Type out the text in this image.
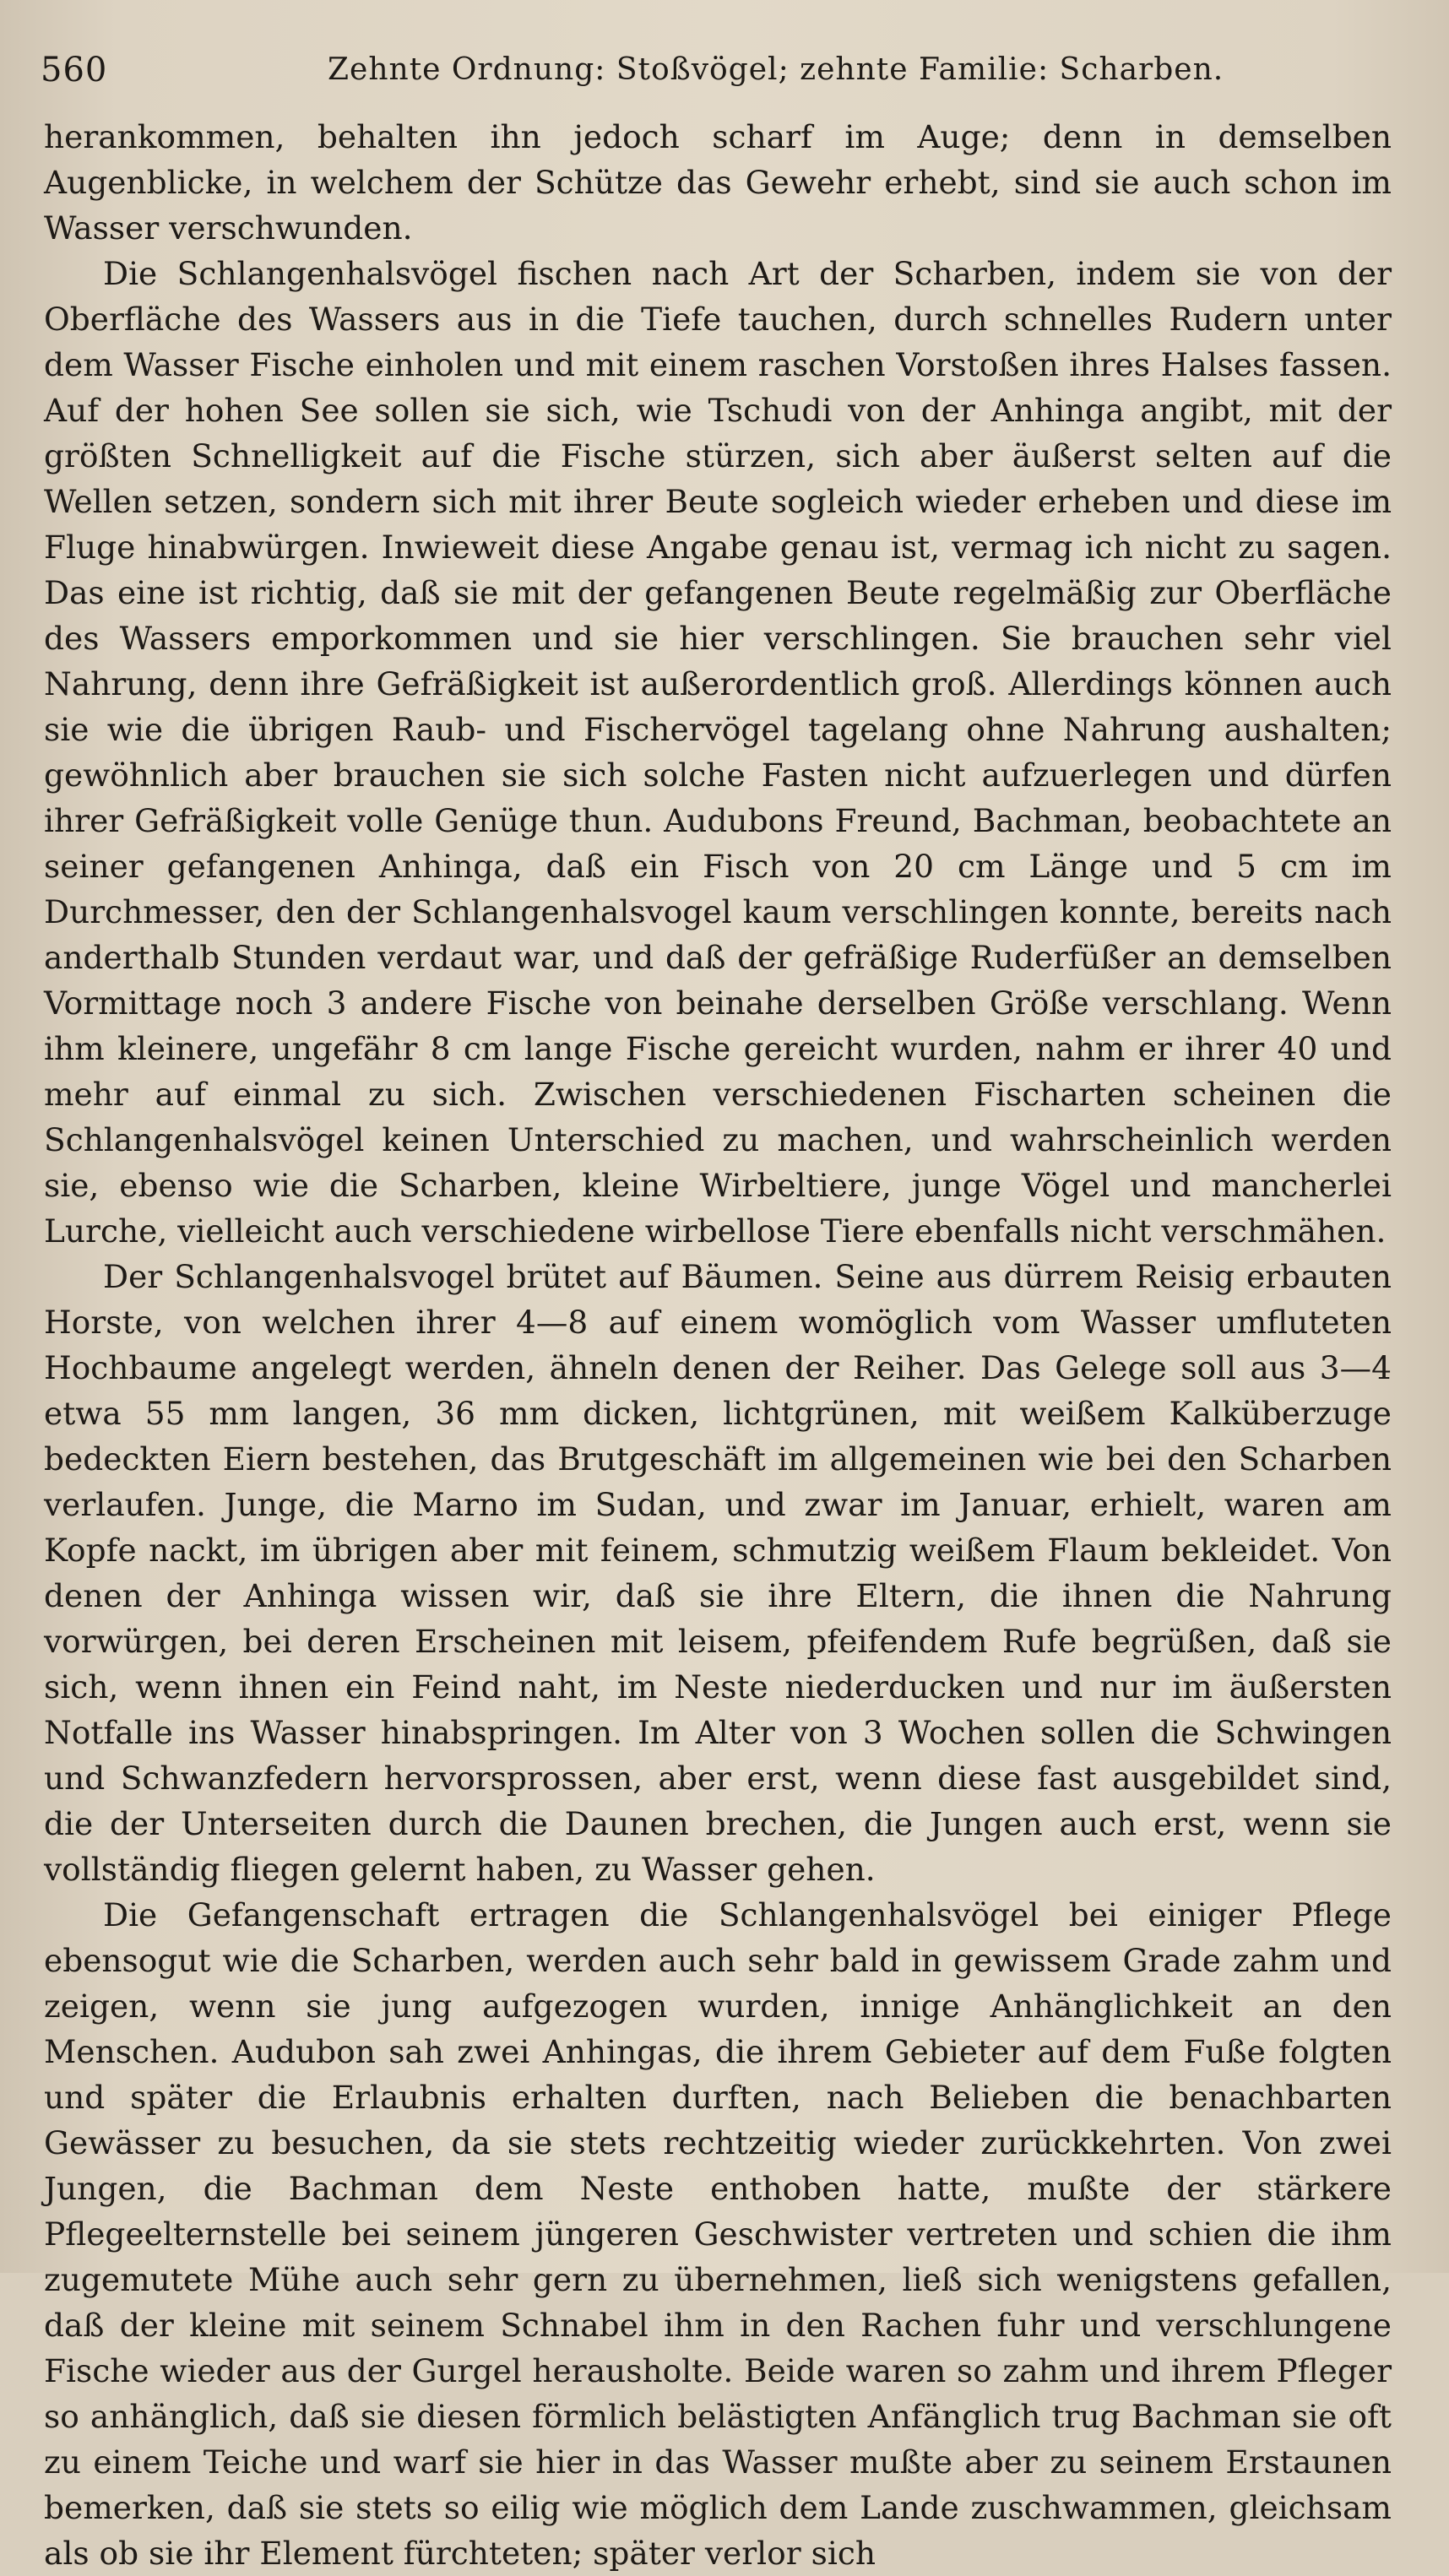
560	Zehnte Ordnung: Stoßvögel; zehnte Familie: Scharben.

herankommen, behalten ihn jedoch scharf im Auge; denn in demselben Augenblicke, in welchem der Schütze das Gewehr erhebt, sind sie auch schon im Wasser verschwunden.

Die Schlangenhalsvögel fischen nach Art der Scharben, indem sie von der Oberfläche des Wassers aus in die Tiefe tauchen, durch schnelles Rudern unter dem Wasser Fische einholen und mit einem raschen Vorstoßen ihres Halses fassen. Auf der hohen See sollen sie sich, wie Tschudi von der Anhinga angibt, mit der größten Schnelligkeit auf die Fische stürzen, sich aber äußerst selten auf die Wellen setzen, sondern sich mit ihrer Beute sogleich wieder erheben und diese im Fluge hinabwürgen. Inwieweit diese Angabe genau ist, vermag ich nicht zu sagen. Das eine ist richtig, daß sie mit der gefangenen Beute regelmäßig zur Oberfläche des Wassers emporkommen und sie hier verschlingen. Sie brauchen sehr viel Nahrung, denn ihre Gefräßigkeit ist außerordentlich groß. Allerdings können auch sie wie die übrigen Raub- und Fischervögel tagelang ohne Nahrung aushalten; gewöhnlich aber brauchen sie sich solche Fasten nicht aufzuerlegen und dürfen ihrer Gefräßigkeit volle Genüge thun. Audubons Freund, Bachman, beobachtete an seiner gefangenen Anhinga, daß ein Fisch von 20 cm Länge und 5 cm im Durchmesser, den der Schlangenhalsvogel kaum verschlingen konnte, bereits nach anderthalb Stunden verdaut war, und daß der gefräßige Ruderfüßer an demselben Vormittage noch 3 andere Fische von beinahe derselben Größe verschlang. Wenn ihm kleinere, ungefähr 8 cm lange Fische gereicht wurden, nahm er ihrer 40 und mehr auf einmal zu sich. Zwischen verschiedenen Fischarten scheinen die Schlangenhalsvögel keinen Unterschied zu machen, und wahrscheinlich werden sie, ebenso wie die Scharben, kleine Wirbeltiere, junge Vögel und mancherlei Lurche, vielleicht auch verschiedene wirbellose Tiere ebenfalls nicht verschmähen.

Der Schlangenhalsvogel brütet auf Bäumen. Seine aus dürrem Reisig erbauten Horste, von welchen ihrer 4—8 auf einem womöglich vom Wasser umfluteten Hochbaume angelegt werden, ähneln denen der Reiher. Das Gelege soll aus 3—4 etwa 55 mm langen, 36 mm dicken, lichtgrünen, mit weißem Kalküberzuge bedeckten Eiern bestehen, das Brutgeschäft im allgemeinen wie bei den Scharben verlaufen. Junge, die Marno im Sudan, und zwar im Januar, erhielt, waren am Kopfe nackt, im übrigen aber mit feinem, schmutzig weißem Flaum bekleidet. Von denen der Anhinga wissen wir, daß sie ihre Eltern, die ihnen die Nahrung vorwürgen, bei deren Erscheinen mit leisem, pfeifendem Rufe begrüßen, daß sie sich, wenn ihnen ein Feind naht, im Neste niederducken und nur im äußersten Notfalle ins Wasser hinabspringen. Im Alter von 3 Wochen sollen die Schwingen und Schwanzfedern hervorsprossen, aber erst, wenn diese fast ausgebildet sind, die der Unterseiten durch die Daunen brechen, die Jungen auch erst, wenn sie vollständig fliegen gelernt haben, zu Wasser gehen.

Die Gefangenschaft ertragen die Schlangenhalsvögel bei einiger Pflege ebensogut wie die Scharben, werden auch sehr bald in gewissem Grade zahm und zeigen, wenn sie jung aufgezogen wurden, innige Anhänglichkeit an den Menschen. Audubon sah zwei Anhingas, die ihrem Gebieter auf dem Fuße folgten und später die Erlaubnis erhalten durften, nach Belieben die benachbarten Gewässer zu besuchen, da sie stets rechtzeitig wieder zurückkehrten. Von zwei Jungen, die Bachman dem Neste enthoben hatte, mußte der stärkere Pflegeelternstelle bei seinem jüngeren Geschwister vertreten und schien die ihm zugemutete Mühe auch sehr gern zu übernehmen, ließ sich wenigstens gefallen, daß der kleine mit seinem Schnabel ihm in den Rachen fuhr und verschlungene Fische wieder aus der Gurgel herausholte. Beide waren so zahm und ihrem Pfleger so anhänglich, daß sie diesen förmlich belästigten Anfänglich trug Bachman sie oft zu einem Teiche und warf sie hier in das Wasser mußte aber zu seinem Erstaunen bemerken, daß sie stets so eilig wie möglich dem Lande zuschwammen, gleichsam als ob sie ihr Element fürchteten; später verlor sich
